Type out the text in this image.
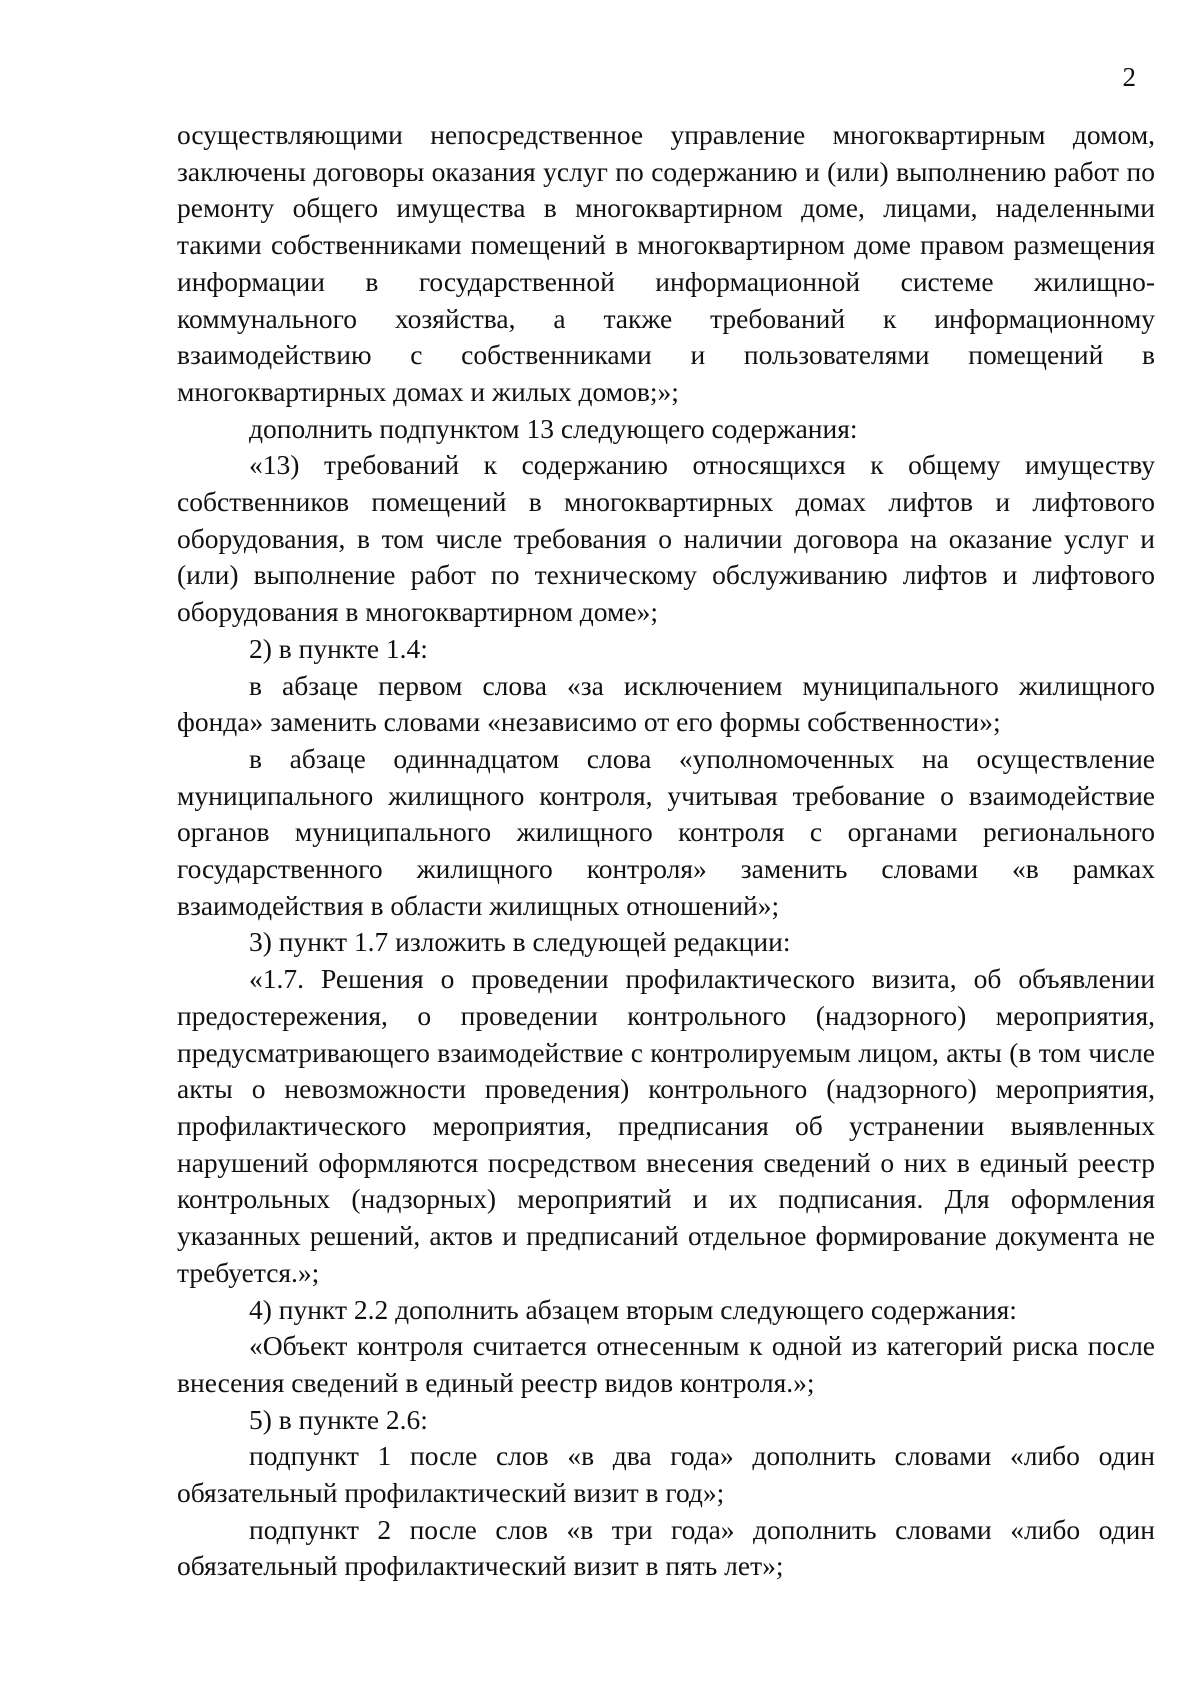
2

осуществляющими непосредственное управление многоквартирным домом, заключены договоры оказания услуг по содержанию и (или) выполнению работ по ремонту общего имущества в многоквартирном доме, лицами, наделенными такими собственниками помещений в многоквартирном доме правом размещения информации в государственной информационной системе жилищно-коммунального хозяйства, а также требований к информационному взаимодействию с собственниками и пользователями помещений в многоквартирных домах и жилых домов;»;

дополнить подпунктом 13 следующего содержания:

«13) требований к содержанию относящихся к общему имуществу собственников помещений в многоквартирных домах лифтов и лифтового оборудования, в том числе требования о наличии договора на оказание услуг и (или) выполнение работ по техническому обслуживанию лифтов и лифтового оборудования в многоквартирном доме»;

2) в пункте 1.4:

в абзаце первом слова «за исключением муниципального жилищного фонда» заменить словами «независимо от его формы собственности»;

в абзаце одиннадцатом слова «уполномоченных на осуществление муниципального жилищного контроля, учитывая требование о взаимодействие органов муниципального жилищного контроля с органами регионального государственного жилищного контроля» заменить словами «в рамках взаимодействия в области жилищных отношений»;

3) пункт 1.7 изложить в следующей редакции:

«1.7. Решения о проведении профилактического визита, об объявлении предостережения, о проведении контрольного (надзорного) мероприятия, предусматривающего взаимодействие с контролируемым лицом, акты (в том числе акты о невозможности проведения) контрольного (надзорного) мероприятия, профилактического мероприятия, предписания об устранении выявленных нарушений оформляются посредством внесения сведений о них в единый реестр контрольных (надзорных) мероприятий и их подписания. Для оформления указанных решений, актов и предписаний отдельное формирование документа не требуется.»;

4) пункт 2.2 дополнить абзацем вторым следующего содержания:

«Объект контроля считается отнесенным к одной из категорий риска после внесения сведений в единый реестр видов контроля.»;

5) в пункте 2.6:

подпункт 1 после слов «в два года» дополнить словами «либо один обязательный профилактический визит в год»;

подпункт 2 после слов «в три года» дополнить словами «либо один обязательный профилактический визит в пять лет»;
